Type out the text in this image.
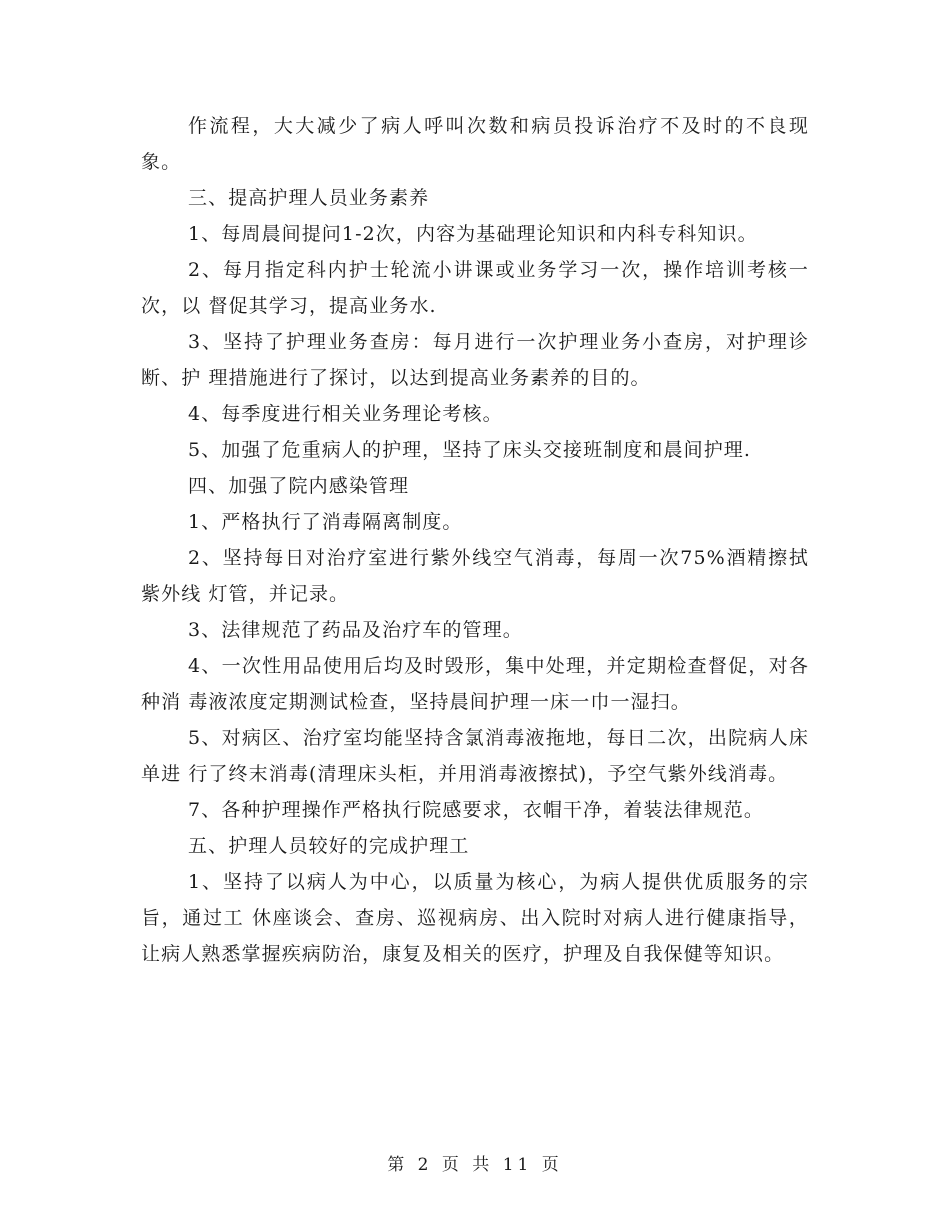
作流程，大大减少了病人呼叫次数和病员投诉治疗不及时的不良现象。

三、提高护理人员业务素养

1、每周晨间提问1-2次，内容为基础理论知识和内科专科知识。

2、每月指定科内护士轮流小讲课或业务学习一次，操作培训考核一次，以 督促其学习，提高业务水.

3、坚持了护理业务查房：每月进行一次护理业务小查房，对护理诊断、护 理措施进行了探讨，以达到提高业务素养的目的。

4、每季度进行相关业务理论考核。

5、加强了危重病人的护理，坚持了床头交接班制度和晨间护理.

四、加强了院内感染管理

1、严格执行了消毒隔离制度。

2、坚持每日对治疗室进行紫外线空气消毒，每周一次75%酒精擦拭紫外线 灯管，并记录。

3、法律规范了药品及治疗车的管理。

4、一次性用品使用后均及时毁形，集中处理，并定期检查督促，对各种消 毒液浓度定期测试检查，坚持晨间护理一床一巾一湿扫。

5、对病区、治疗室均能坚持含氯消毒液拖地，每日二次，出院病人床单进 行了终末消毒(清理床头柜，并用消毒液擦拭)，予空气紫外线消毒。

7、各种护理操作严格执行院感要求，衣帽干净，着装法律规范。

五、护理人员较好的完成护理工

1、坚持了以病人为中心，以质量为核心，为病人提供优质服务的宗旨，通过工 休座谈会、查房、巡视病房、出入院时对病人进行健康指导，让病人熟悉掌握疾病防治，康复及相关的医疗，护理及自我保健等知识。

第 2 页 共 11 页
